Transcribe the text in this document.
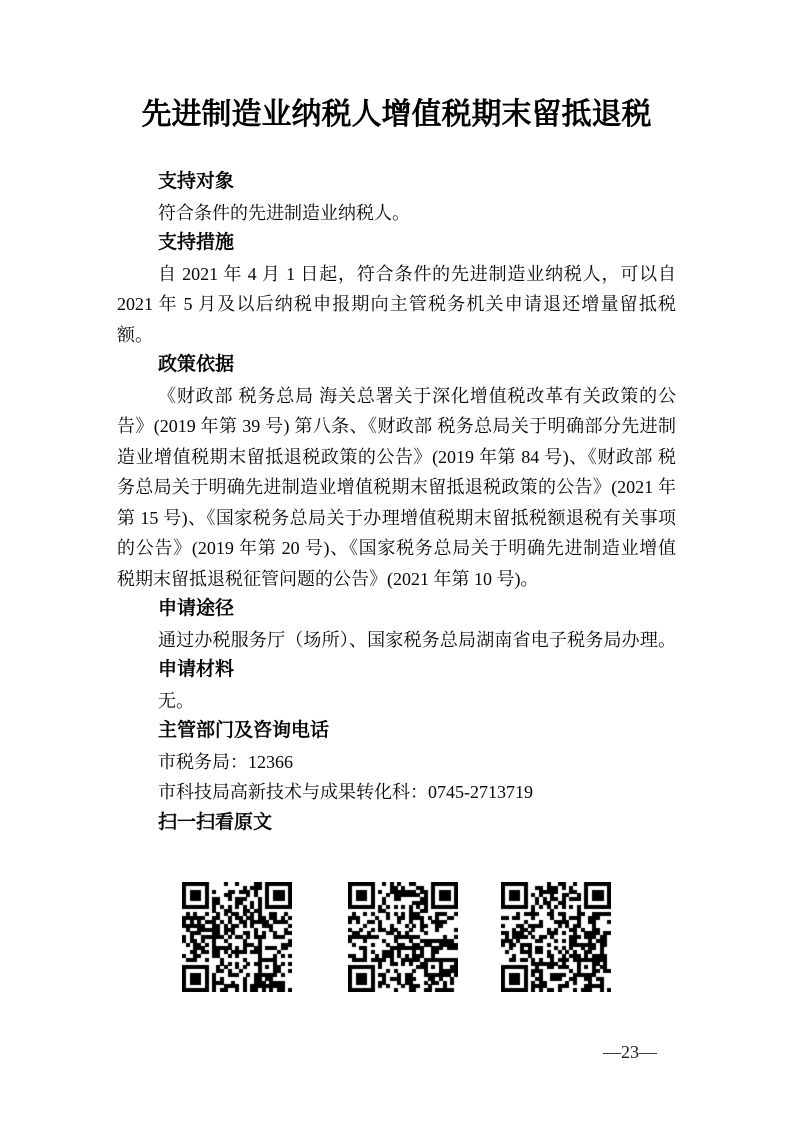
先进制造业纳税人增值税期末留抵退税
支持对象
符合条件的先进制造业纳税人。
支持措施
自 2021 年 4 月 1 日起，符合条件的先进制造业纳税人，可以自
2021 年 5 月及以后纳税申报期向主管税务机关申请退还增量留抵税
额。
政策依据
《财政部 税务总局 海关总署关于深化增值税改革有关政策的公
告》(2019 年第 39 号) 第八条、《财政部 税务总局关于明确部分先进制
造业增值税期末留抵退税政策的公告》(2019 年第 84 号)、《财政部 税
务总局关于明确先进制造业增值税期末留抵退税政策的公告》(2021 年
第 15 号)、《国家税务总局关于办理增值税期末留抵税额退税有关事项
的公告》(2019 年第 20 号)、《国家税务总局关于明确先进制造业增值
税期末留抵退税征管问题的公告》(2021 年第 10 号)。
申请途径
通过办税服务厅（场所）、国家税务总局湖南省电子税务局办理。
申请材料
无。
主管部门及咨询电话
市税务局：12366
市科技局高新技术与成果转化科：0745-2713719
扫一扫看原文
—23—
